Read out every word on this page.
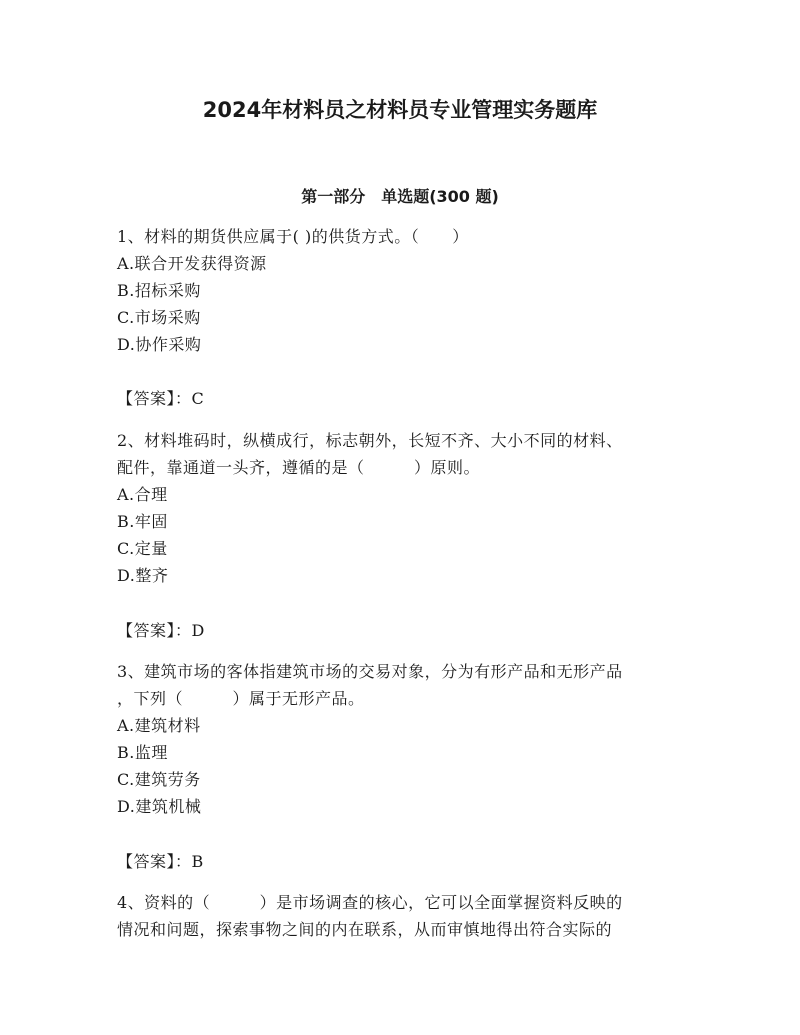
2024年材料员之材料员专业管理实务题库
第一部分　单选题(300 题)
1、材料的期货供应属于( )的供货方式。（　　）
A.联合开发获得资源
B.招标采购
C.市场采购
D.协作采购
【答案】：C
2、材料堆码时，纵横成行，标志朝外，长短不齐、大小不同的材料、
配件，靠通道一头齐，遵循的是（　　　）原则。
A.合理
B.牢固
C.定量
D.整齐
【答案】：D
3、建筑市场的客体指建筑市场的交易对象，分为有形产品和无形产品
，下列（　　　）属于无形产品。
A.建筑材料
B.监理
C.建筑劳务
D.建筑机械
【答案】：B
4、资料的（　　　）是市场调查的核心，它可以全面掌握资料反映的
情况和问题，探索事物之间的内在联系，从而审慎地得出符合实际的
